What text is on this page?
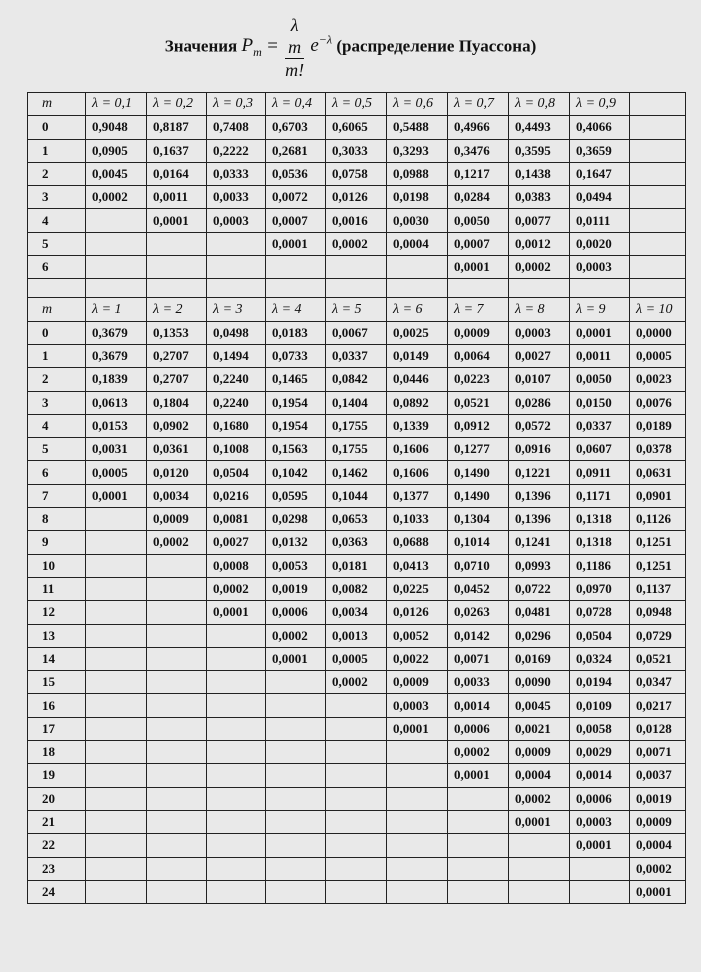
Значения $P_m = \lambda$
m
m! $e^{-\lambda}$ (распределение Пуассона)
m	λ = 0,1	λ = 0,2	λ = 0,3	λ = 0,4	λ = 0,5	λ = 0,6	λ = 0,7	λ = 0,8	λ = 0,9	
0	0,9048	0,8187	0,7408	0,6703	0,6065	0,5488	0,4966	0,4493	0,4066	
1	0,0905	0,1637	0,2222	0,2681	0,3033	0,3293	0,3476	0,3595	0,3659	
2	0,0045	0,0164	0,0333	0,0536	0,0758	0,0988	0,1217	0,1438	0,1647	
3	0,0002	0,0011	0,0033	0,0072	0,0126	0,0198	0,0284	0,0383	0,0494	
4		0,0001	0,0003	0,0007	0,0016	0,0030	0,0050	0,0077	0,0111	
5				0,0001	0,0002	0,0004	0,0007	0,0012	0,0020	
6							0,0001	0,0002	0,0003	

m	λ = 1	λ = 2	λ = 3	λ = 4	λ = 5	λ = 6	λ = 7	λ = 8	λ = 9	λ = 10
0	0,3679	0,1353	0,0498	0,0183	0,0067	0,0025	0,0009	0,0003	0,0001	0,0000
1	0,3679	0,2707	0,1494	0,0733	0,0337	0,0149	0,0064	0,0027	0,0011	0,0005
2	0,1839	0,2707	0,2240	0,1465	0,0842	0,0446	0,0223	0,0107	0,0050	0,0023
3	0,0613	0,1804	0,2240	0,1954	0,1404	0,0892	0,0521	0,0286	0,0150	0,0076
4	0,0153	0,0902	0,1680	0,1954	0,1755	0,1339	0,0912	0,0572	0,0337	0,0189
5	0,0031	0,0361	0,1008	0,1563	0,1755	0,1606	0,1277	0,0916	0,0607	0,0378
6	0,0005	0,0120	0,0504	0,1042	0,1462	0,1606	0,1490	0,1221	0,0911	0,0631
7	0,0001	0,0034	0,0216	0,0595	0,1044	0,1377	0,1490	0,1396	0,1171	0,0901
8		0,0009	0,0081	0,0298	0,0653	0,1033	0,1304	0,1396	0,1318	0,1126
9		0,0002	0,0027	0,0132	0,0363	0,0688	0,1014	0,1241	0,1318	0,1251
10			0,0008	0,0053	0,0181	0,0413	0,0710	0,0993	0,1186	0,1251
11			0,0002	0,0019	0,0082	0,0225	0,0452	0,0722	0,0970	0,1137
12			0,0001	0,0006	0,0034	0,0126	0,0263	0,0481	0,0728	0,0948
13				0,0002	0,0013	0,0052	0,0142	0,0296	0,0504	0,0729
14				0,0001	0,0005	0,0022	0,0071	0,0169	0,0324	0,0521
15					0,0002	0,0009	0,0033	0,0090	0,0194	0,0347
16						0,0003	0,0014	0,0045	0,0109	0,0217
17						0,0001	0,0006	0,0021	0,0058	0,0128
18							0,0002	0,0009	0,0029	0,0071
19							0,0001	0,0004	0,0014	0,0037
20								0,0002	0,0006	0,0019
21								0,0001	0,0003	0,0009
22									0,0001	0,0004
23										0,0002
24										0,0001
